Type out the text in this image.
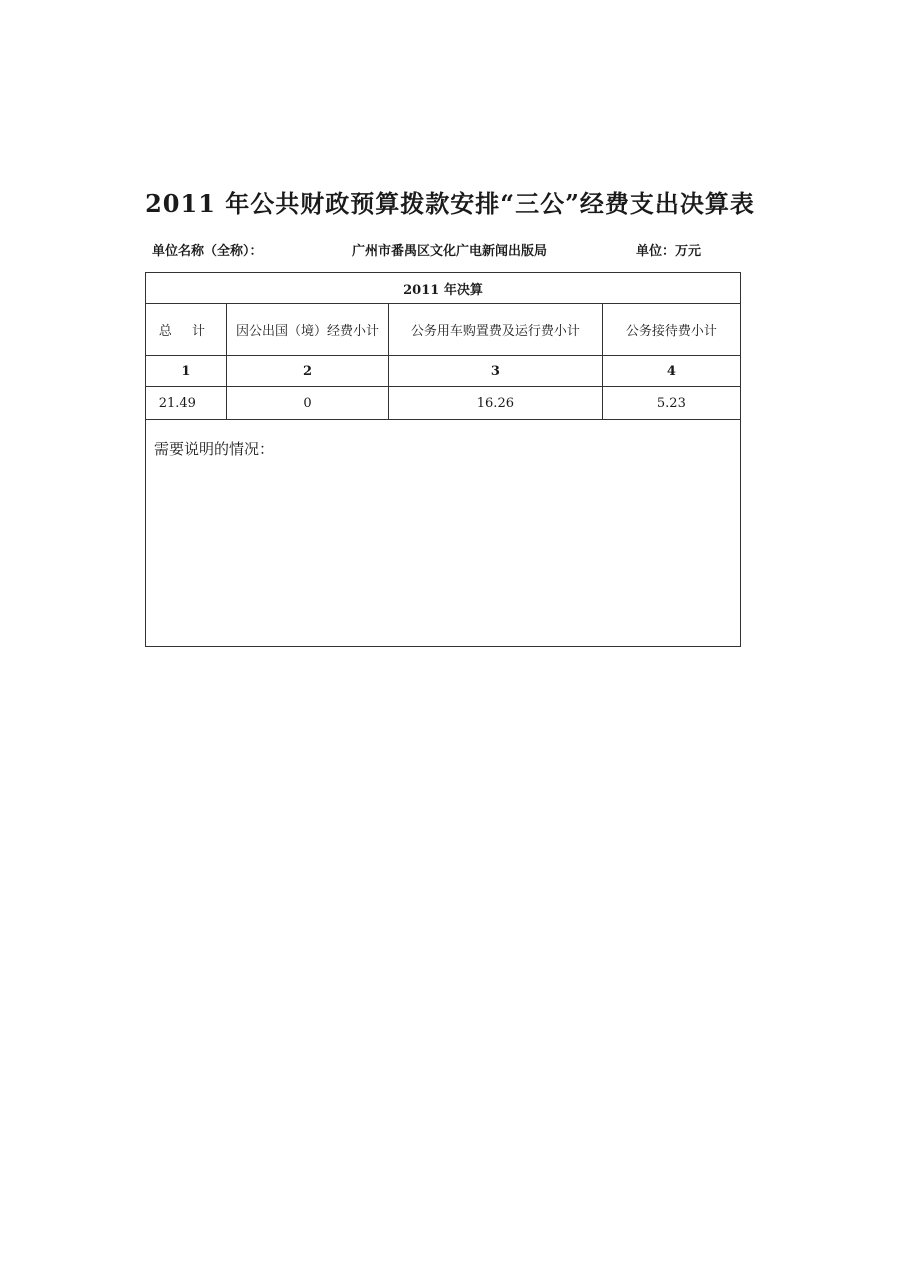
2011 年公共财政预算拨款安排“三公”经费支出决算表
单位名称（全称）：	广州市番禺区文化广电新闻出版局	单位：万元
2011 年决算			
总 计	因公出国（境）经费小计	公务用车购置费及运行费小计	公务接待费小计
1	2	3	4
21.49	0	16.26	5.23
需要说明的情况：			
